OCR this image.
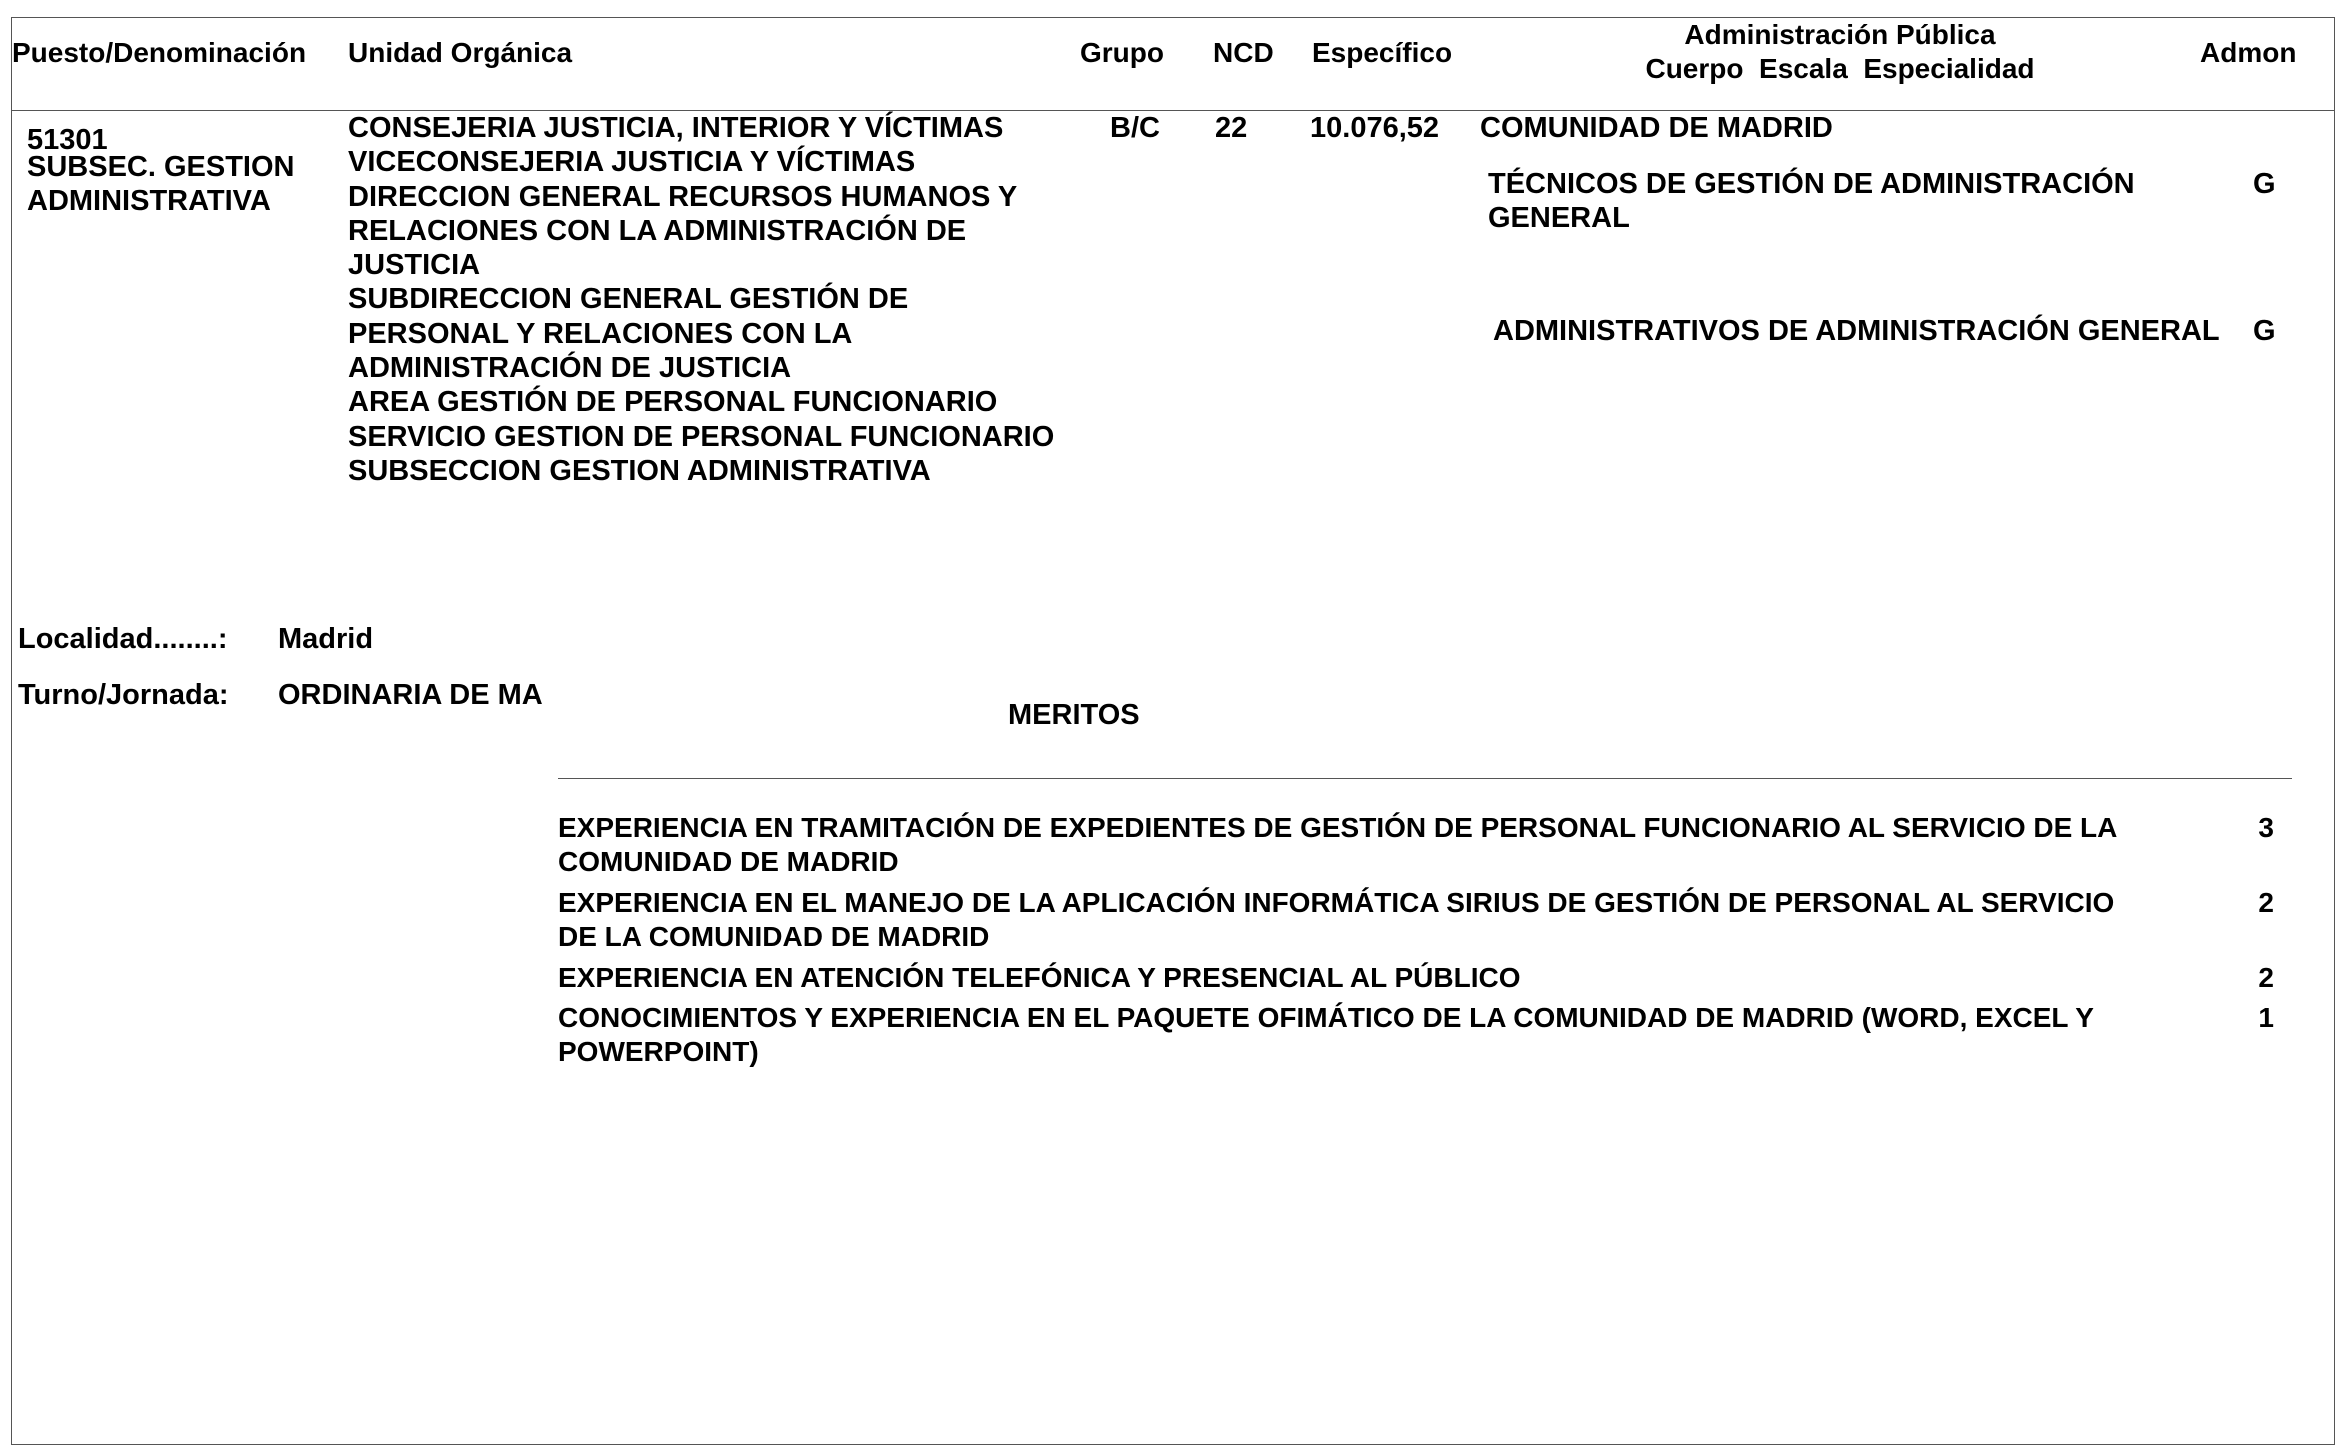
Puesto/Denominación Unidad Orgánica	Grupo NCD Específico
Administración Pública
Cuerpo  Escala  Especialidad
Admon
51301
SUBSEC. GESTION
ADMINISTRATIVA
CONSEJERIA JUSTICIA, INTERIOR Y VÍCTIMAS
VICECONSEJERIA JUSTICIA Y VÍCTIMAS
DIRECCION GENERAL RECURSOS HUMANOS Y
RELACIONES CON LA ADMINISTRACIÓN DE
JUSTICIA
SUBDIRECCION GENERAL GESTIÓN DE
PERSONAL Y RELACIONES CON LA
ADMINISTRACIÓN DE JUSTICIA
AREA GESTIÓN DE PERSONAL FUNCIONARIO
SERVICIO GESTION DE PERSONAL FUNCIONARIO
SUBSECCION GESTION ADMINISTRATIVA
B/C 22 10.076,52 COMUNIDAD DE MADRID
TÉCNICOS DE GESTIÓN DE ADMINISTRACIÓN
GENERAL
G
ADMINISTRATIVOS DE ADMINISTRACIÓN GENERAL G
Localidad........: Madrid
Turno/Jornada: ORDINARIA DE MA
MERITOS
EXPERIENCIA EN TRAMITACIÓN DE EXPEDIENTES DE GESTIÓN DE PERSONAL FUNCIONARIO AL SERVICIO DE LA COMUNIDAD DE MADRID
3
EXPERIENCIA EN EL MANEJO DE LA APLICACIÓN INFORMÁTICA SIRIUS DE GESTIÓN DE PERSONAL AL SERVICIO DE LA COMUNIDAD DE MADRID
2
EXPERIENCIA EN ATENCIÓN TELEFÓNICA Y PRESENCIAL AL PÚBLICO	2
CONOCIMIENTOS Y EXPERIENCIA EN EL PAQUETE OFIMÁTICO DE LA COMUNIDAD DE MADRID (WORD, EXCEL Y POWERPOINT)
1
